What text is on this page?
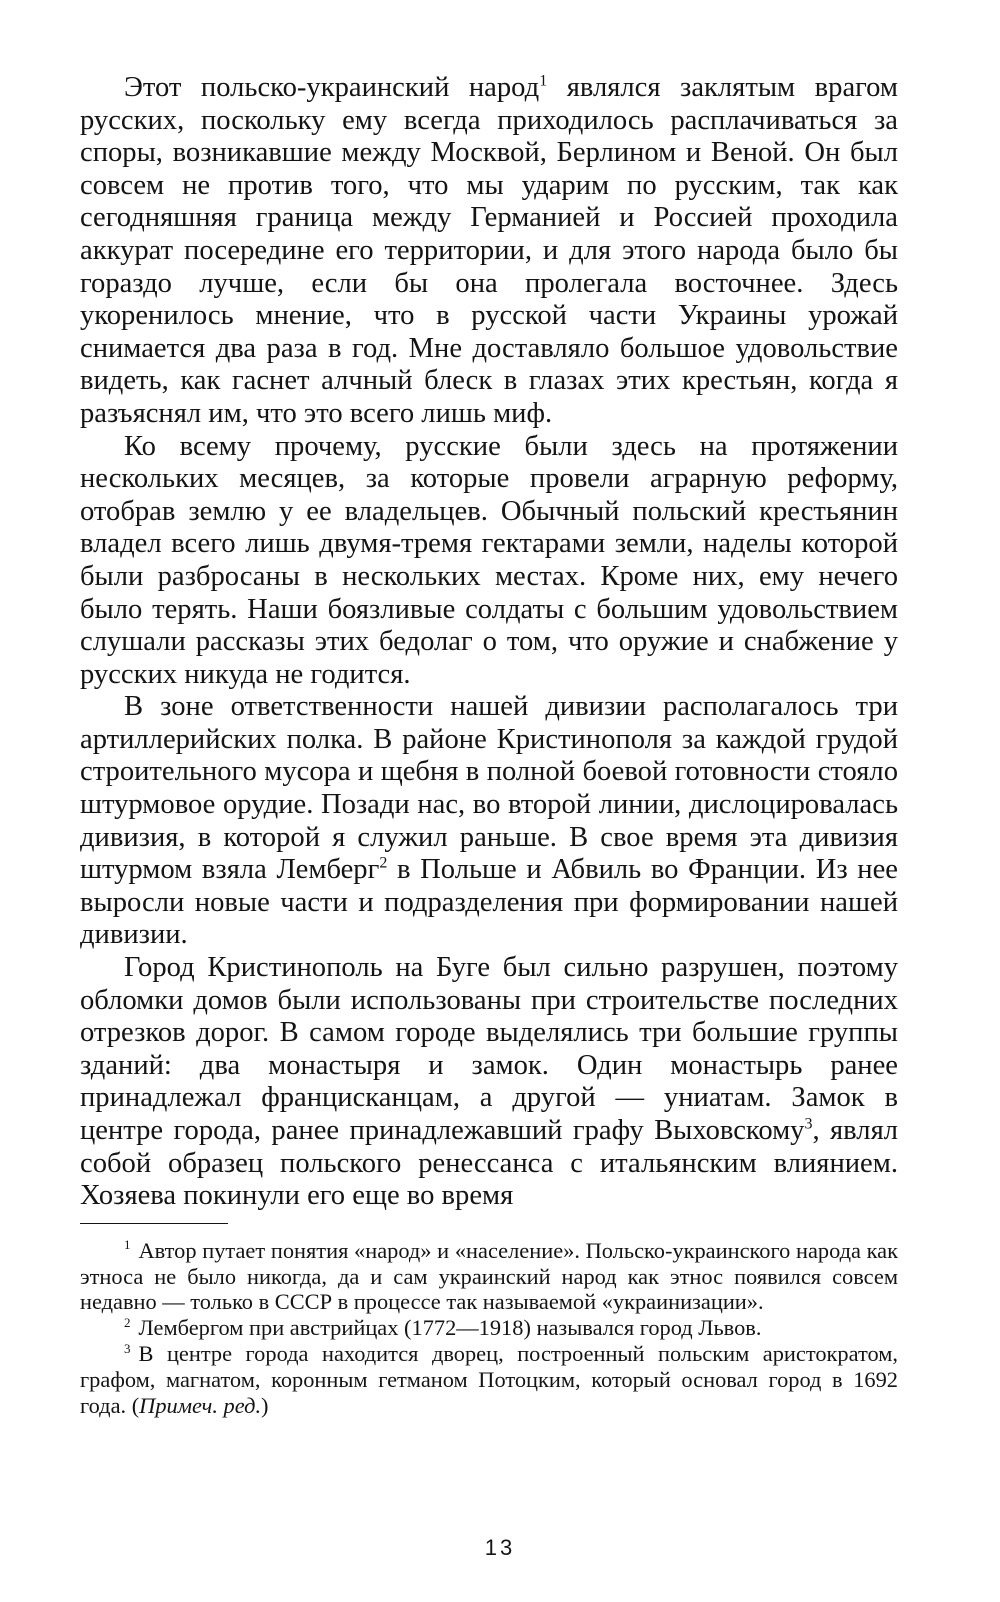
Этот польско-украинский народ$^1$ являлся заклятым врагом русских, поскольку ему всегда приходилось расплачиваться за споры, возникавшие между Москвой, Берлином и Веной. Он был совсем не против того, что мы ударим по русским, так как сегодняшняя граница между Германией и Россией проходила аккурат посередине его территории, и для этого народа было бы гораздо лучше, если бы она пролегала восточнее. Здесь укоренилось мнение, что в русской части Украины урожай снимается два раза в год. Мне доставляло большое удовольствие видеть, как гаснет алчный блеск в глазах этих крестьян, когда я разъяснял им, что это всего лишь миф.

Ко всему прочему, русские были здесь на протяжении нескольких месяцев, за которые провели аграрную реформу, отобрав землю у ее владельцев. Обычный польский крестьянин владел всего лишь двумя-тремя гектарами земли, наделы которой были разбросаны в нескольких местах. Кроме них, ему нечего было терять. Наши боязливые солдаты с большим удовольствием слушали рассказы этих бедолаг о том, что оружие и снабжение у русских никуда не годится.

В зоне ответственности нашей дивизии располагалось три артиллерийских полка. В районе Кристинополя за каждой грудой строительного мусора и щебня в полной боевой готовности стояло штурмовое орудие. Позади нас, во второй линии, дислоцировалась дивизия, в которой я служил раньше. В свое время эта дивизия штурмом взяла Лемберг$^2$ в Польше и Абвиль во Франции. Из нее выросли новые части и подразделения при формировании нашей дивизии.

Город Кристинополь на Буге был сильно разрушен, поэтому обломки домов были использованы при строительстве последних отрезков дорог. В самом городе выделялись три большие группы зданий: два монастыря и замок. Один монастырь ранее принадлежал францисканцам, а другой — униатам. Замок в центре города, ранее принадлежавший графу Выховскому$^3$, являл собой образец польского ренессанса с итальянским влиянием. Хозяева покинули его еще во время

$^1$ Автор путает понятия «народ» и «население». Польско-украинского народа как этноса не было никогда, да и сам украинский народ как этнос появился совсем недавно — только в СССР в процессе так называемой «украинизации».

$^2$ Лембергом при австрийцах (1772—1918) назывался город Львов.

$^3$ В центре города находится дворец, построенный польским аристократом, графом, магнатом, коронным гетманом Потоцким, который основал город в 1692 года. (Примеч. ред.)

13
